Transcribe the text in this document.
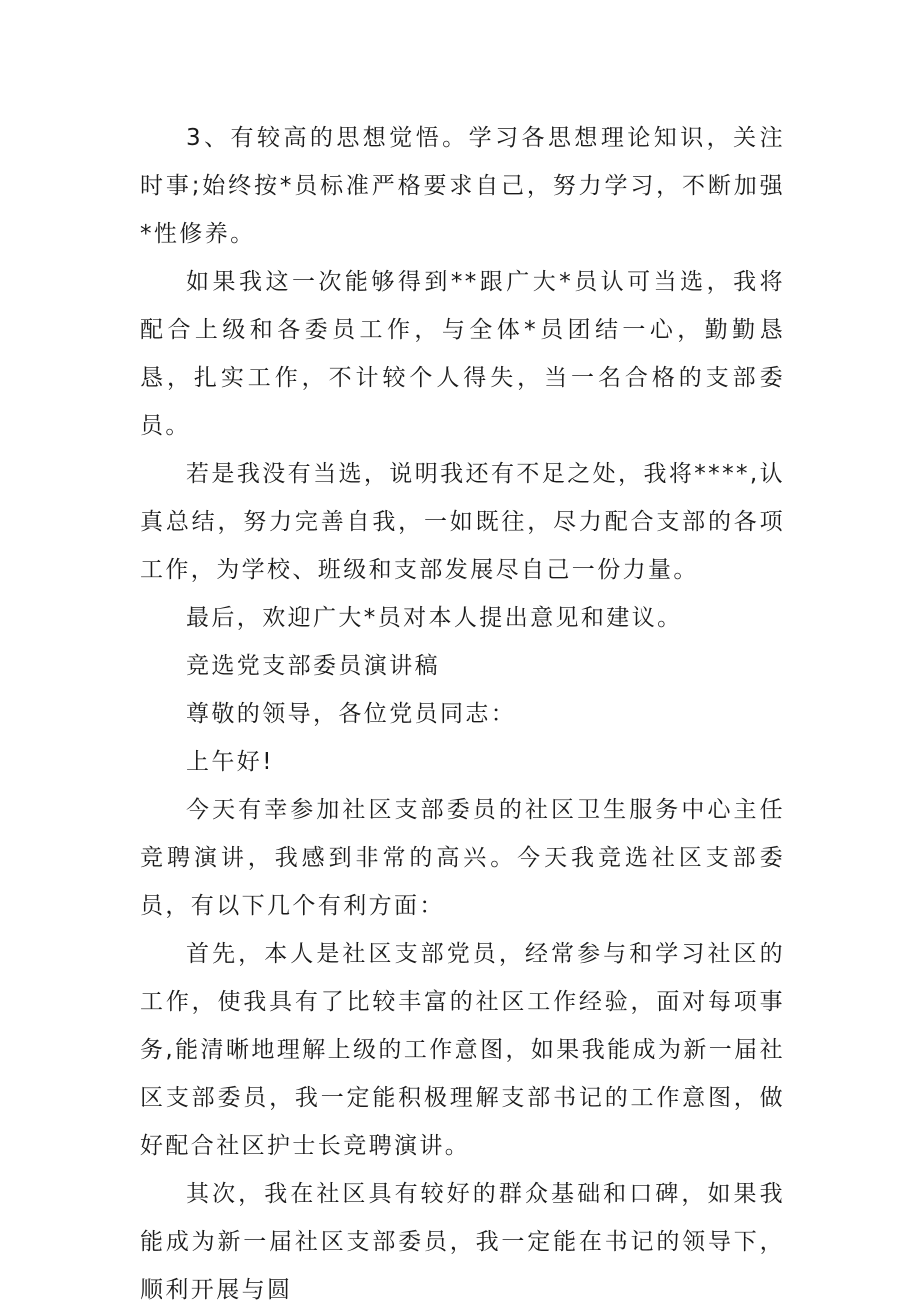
3、有较高的思想觉悟。学习各思想理论知识，关注时事;始终按*员标准严格要求自己，努力学习，不断加强*性修养。

如果我这一次能够得到**跟广大*员认可当选，我将配合上级和各委员工作，与全体*员团结一心，勤勤恳恳，扎实工作，不计较个人得失，当一名合格的支部委员。

若是我没有当选，说明我还有不足之处，我将****,认真总结，努力完善自我，一如既往，尽力配合支部的各项工作，为学校、班级和支部发展尽自己一份力量。

最后，欢迎广大*员对本人提出意见和建议。

竞选党支部委员演讲稿

尊敬的领导，各位党员同志：

上午好!

今天有幸参加社区支部委员的社区卫生服务中心主任竞聘演讲，我感到非常的高兴。今天我竞选社区支部委员，有以下几个有利方面：

首先，本人是社区支部党员，经常参与和学习社区的工作，使我具有了比较丰富的社区工作经验，面对每项事务,能清晰地理解上级的工作意图，如果我能成为新一届社区支部委员，我一定能积极理解支部书记的工作意图，做好配合社区护士长竞聘演讲。

其次，我在社区具有较好的群众基础和口碑，如果我能成为新一届社区支部委员，我一定能在书记的领导下，顺利开展与圆
